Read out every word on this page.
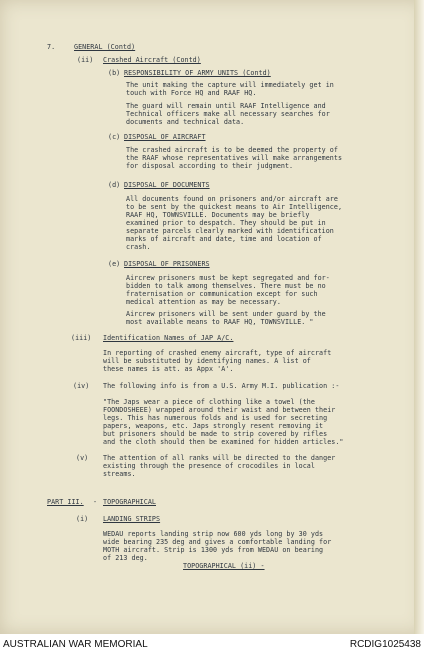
7.	GENERAL (Contd)

(ii) Crashed Aircraft (Contd)

(b) RESPONSIBILITY OF ARMY UNITS (Contd)

The unit making the capture will immediately get in

touch with Force HQ and RAAF HQ.

The guard will remain until RAAF Intelligence and

Technical officers make all necessary searches for

documents and technical data.

(c) DISPOSAL OF AIRCRAFT

The crashed aircraft is to be deemed the property of

the RAAF whose representatives will make arrangements

for disposal according to their judgment.

(d) DISPOSAL OF DOCUMENTS

All documents found on prisoners and/or aircraft are

to be sent by the quickest means to Air Intelligence,

RAAF HQ, TOWNSVILLE. Documents may be briefly

examined prior to despatch. They should be put in

separate parcels clearly marked with identification

marks of aircraft and date, time and location of

crash.

(e) DISPOSAL OF PRISONERS

Aircrew prisoners must be kept segregated and for-

bidden to talk among themselves. There must be no

fraternisation or communication except for such

medical attention as may be necessary.

Aircrew prisoners will be sent under guard by the

most available means to RAAF HQ, TOWNSVILLE. "

(iii) Identification Names of JAP A/C.

In reporting of crashed enemy aircraft, type of aircraft

will be substituted by identifying names. A list of

these names is att. as Appx 'A'.

(iv) The following info is from a U.S. Army M.I. publication :-

"The Japs wear a piece of clothing like a towel (the

FOONDOSHEEE) wrapped around their waist and between their

legs. This has numerous folds and is used for secreting

papers, weapons, etc. Japs strongly resent removing it

but prisoners should be made to strip covered by rifles

and the cloth should then be examined for hidden articles."

(v) The attention of all ranks will be directed to the danger

existing through the presence of crocodiles in local

streams.

PART III. - TOPOGRAPHICAL

(i) LANDING STRIPS

WEDAU reports landing strip now 600 yds long by 30 yds

wide bearing 235 deg and gives a comfortable landing for

MOTH aircraft. Strip is 1300 yds from WEDAU on bearing

of 213 deg.

TOPOGRAPHICAL (ii) -

AUSTRALIAN WAR MEMORIAL	RCDIG1025438
